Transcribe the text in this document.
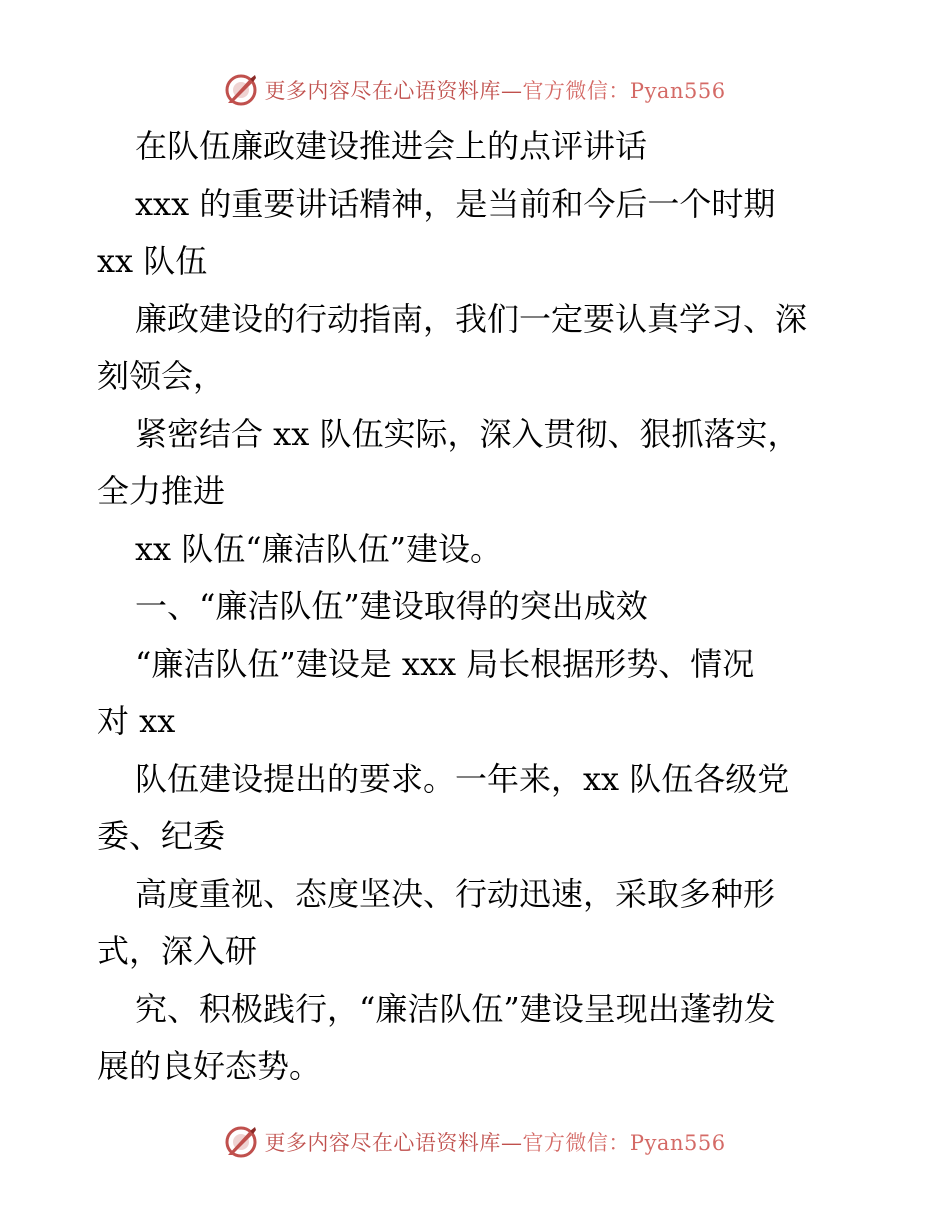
更多内容尽在心语资料库—官方微信：Pyan556
在队伍廉政建设推进会上的点评讲话
xxx 的重要讲话精神，是当前和今后一个时期
xx 队伍
廉政建设的行动指南，我们一定要认真学习、深
刻领会，
紧密结合 xx 队伍实际，深入贯彻、狠抓落实，
全力推进
xx 队伍“廉洁队伍”建设。
一、“廉洁队伍”建设取得的突出成效
“廉洁队伍”建设是 xxx 局长根据形势、情况
对 xx
队伍建设提出的要求。一年来，xx 队伍各级党
委、纪委
高度重视、态度坚决、行动迅速，采取多种形
式，深入研
究、积极践行，“廉洁队伍”建设呈现出蓬勃发
展的良好态势。
更多内容尽在心语资料库—官方微信：Pyan556
